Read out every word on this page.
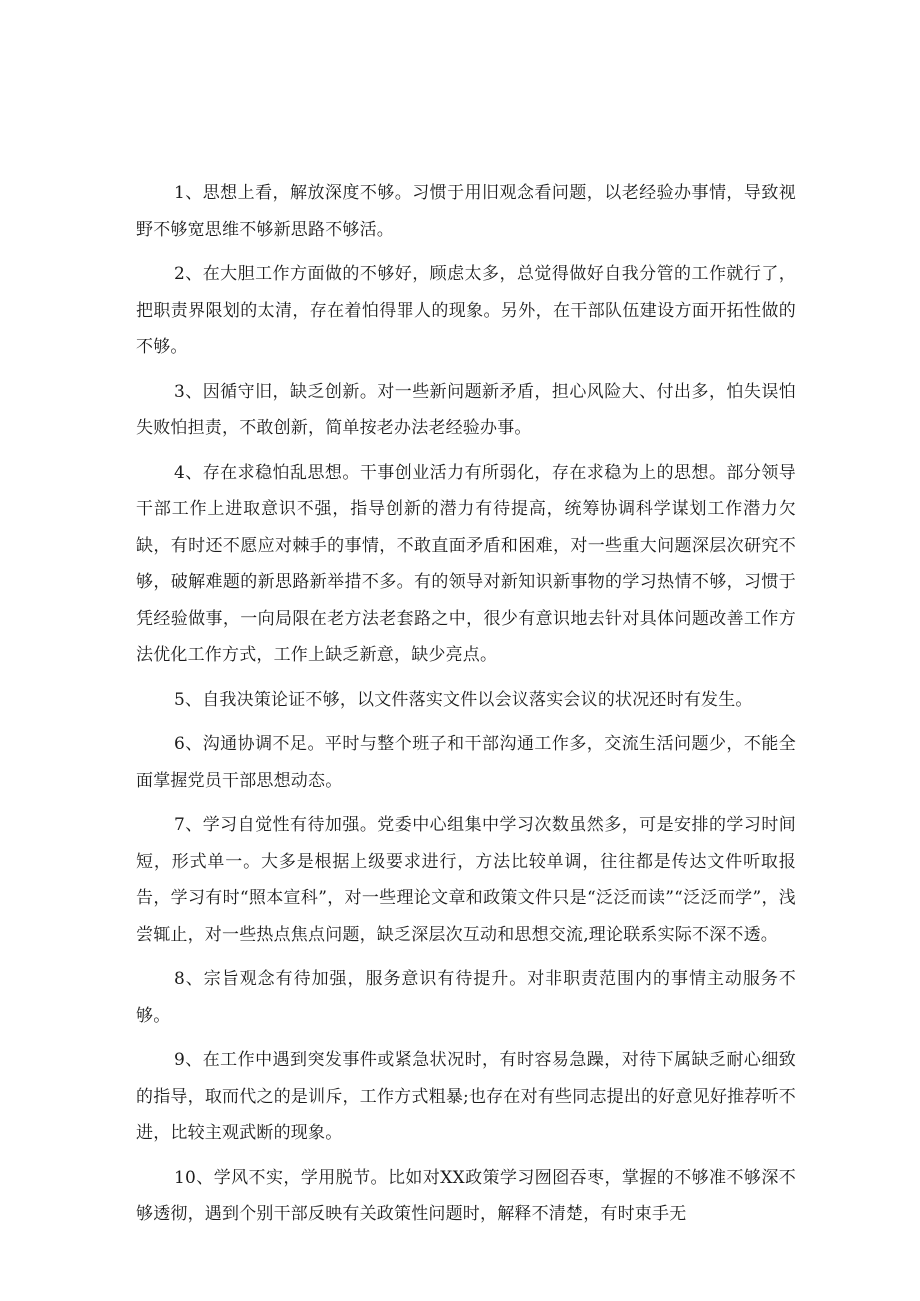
1、思想上看，解放深度不够。习惯于用旧观念看问题，以老经验办事情，导致视野不够宽思维不够新思路不够活。

2、在大胆工作方面做的不够好，顾虑太多，总觉得做好自我分管的工作就行了，把职责界限划的太清，存在着怕得罪人的现象。另外，在干部队伍建设方面开拓性做的不够。

3、因循守旧，缺乏创新。对一些新问题新矛盾，担心风险大、付出多，怕失误怕失败怕担责，不敢创新，简单按老办法老经验办事。

4、存在求稳怕乱思想。干事创业活力有所弱化，存在求稳为上的思想。部分领导干部工作上进取意识不强，指导创新的潜力有待提高，统筹协调科学谋划工作潜力欠缺，有时还不愿应对棘手的事情，不敢直面矛盾和困难，对一些重大问题深层次研究不够，破解难题的新思路新举措不多。有的领导对新知识新事物的学习热情不够，习惯于凭经验做事，一向局限在老方法老套路之中，很少有意识地去针对具体问题改善工作方法优化工作方式，工作上缺乏新意，缺少亮点。

5、自我决策论证不够，以文件落实文件以会议落实会议的状况还时有发生。

6、沟通协调不足。平时与整个班子和干部沟通工作多，交流生活问题少，不能全面掌握党员干部思想动态。

7、学习自觉性有待加强。党委中心组集中学习次数虽然多，可是安排的学习时间短，形式单一。大多是根据上级要求进行，方法比较单调，往往都是传达文件听取报告，学习有时“照本宣科”，对一些理论文章和政策文件只是“泛泛而读”“泛泛而学”，浅尝辄止，对一些热点焦点问题，缺乏深层次互动和思想交流,理论联系实际不深不透。

8、宗旨观念有待加强，服务意识有待提升。对非职责范围内的事情主动服务不够。

9、在工作中遇到突发事件或紧急状况时，有时容易急躁，对待下属缺乏耐心细致的指导，取而代之的是训斥，工作方式粗暴;也存在对有些同志提出的好意见好推荐听不进，比较主观武断的现象。

10、学风不实，学用脱节。比如对XX政策学习囫囵吞枣，掌握的不够准不够深不够透彻，遇到个别干部反映有关政策性问题时，解释不清楚，有时束手无
